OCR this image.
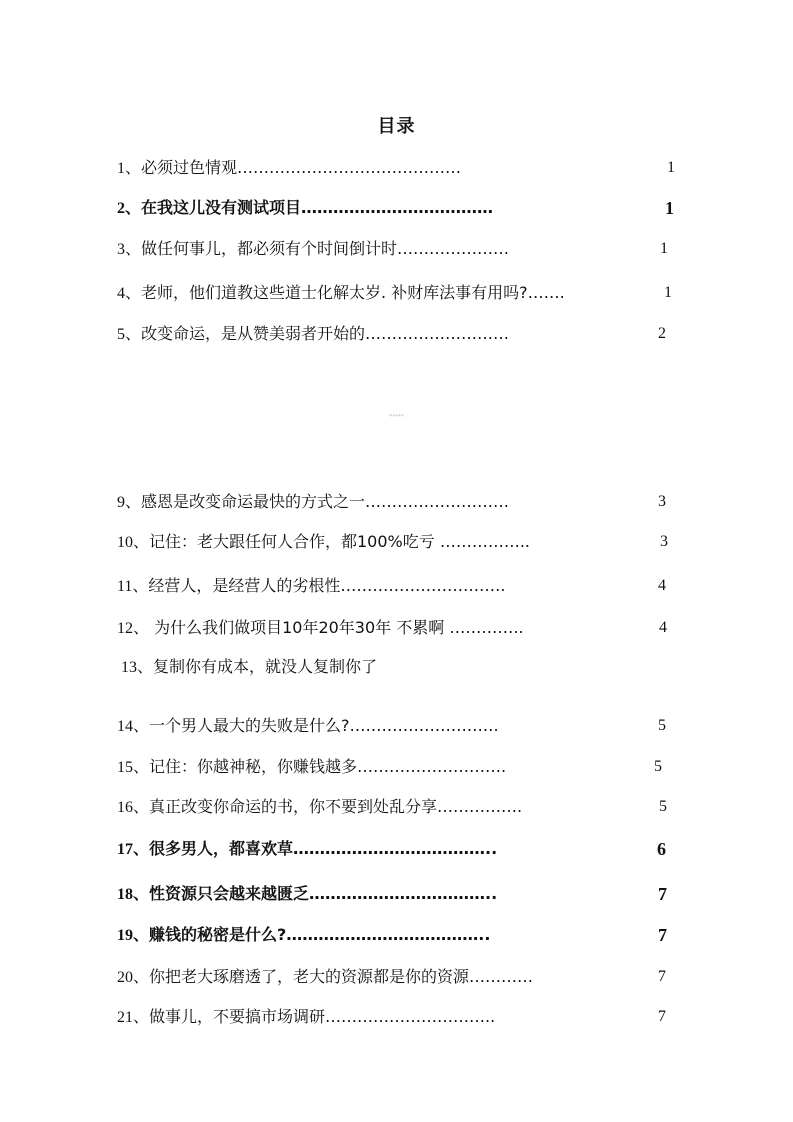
目录
1、必须过色情观……………………………………	1
2、在我这儿没有测试项目………………………………	1
3、做任何事儿，都必须有个时间倒计时…………………	1
4、老师，他们道教这些道士化解太岁. 补财库法事有用吗?…….	1
5、改变命运，是从赞美弱者开始的………………………	2
ꞌꞌꞌꞌꞌꞌꞌꞌꞌ
9、感恩是改变命运最快的方式之一………………………	3
10、记住：老大跟任何人合作，都100%吃亏 ……………..	3
11、经营人，是经营人的劣根性………………………….	4
12、 为什么我们做项目10年20年30年 不累啊 …………..	4
13、复制你有成本，就没人复制你了
14、一个男人最大的失败是什么?……………………….	5
15、记住：你越神秘，你赚钱越多……………………….	5
16、真正改变你命运的书，你不要到处乱分享…………….	5
17、很多男人，都喜欢草………………………………..	6
18、性资源只会越来越匮乏……………………………..	7
19、赚钱的秘密是什么?………………………………..	7
20、你把老大琢磨透了，老大的资源都是你的资源…………	7
21、做事儿，不要搞市场调研…………………………..	7
